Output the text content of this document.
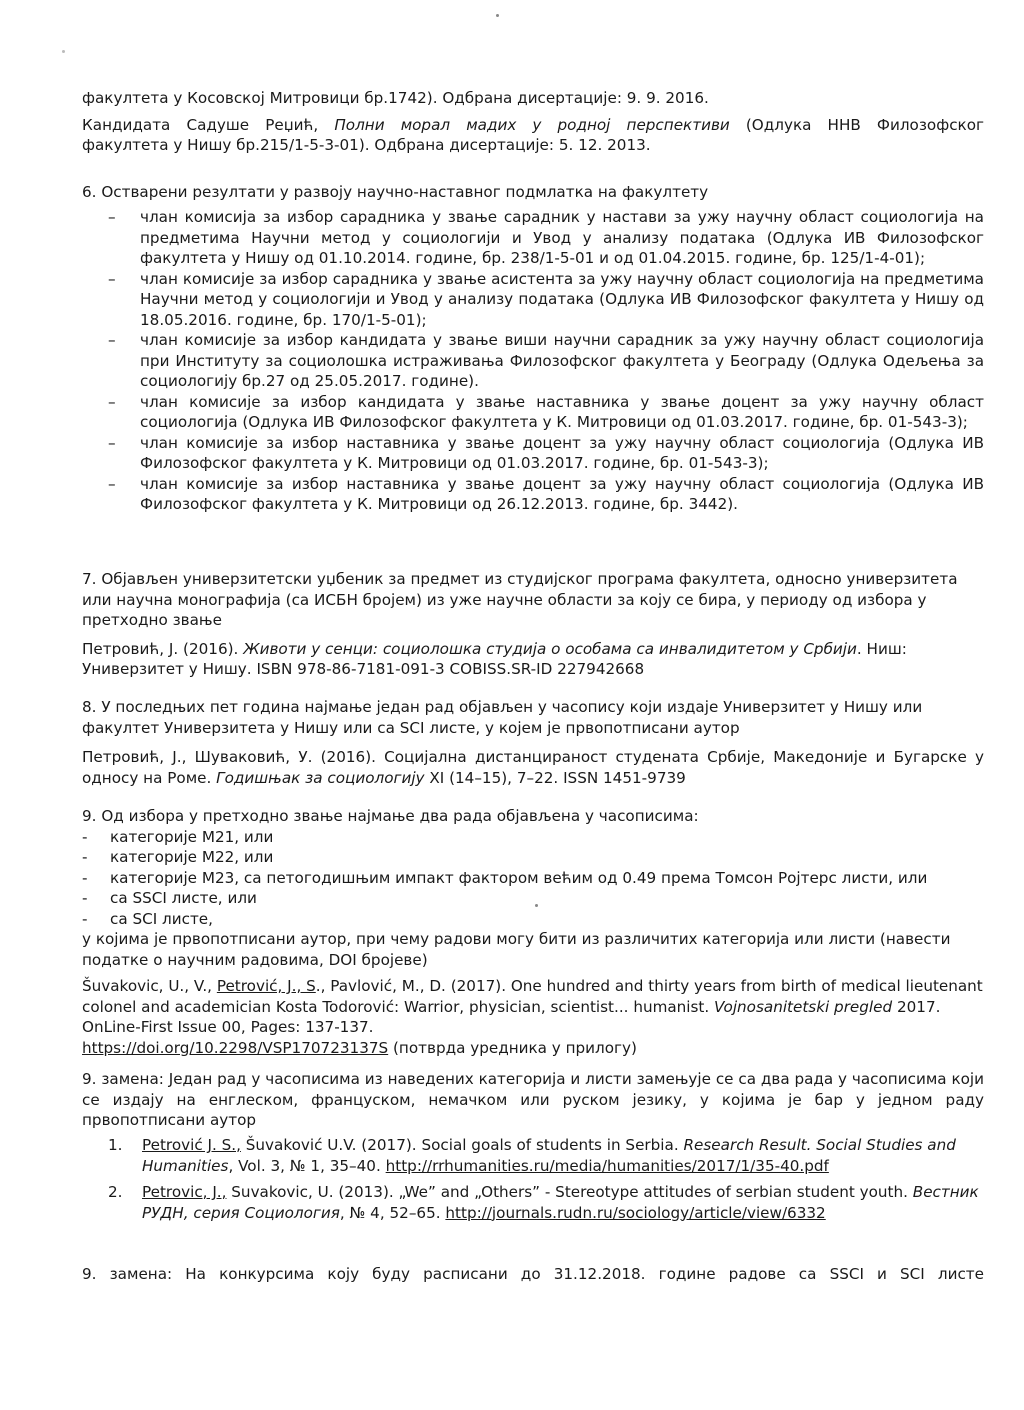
факултета у Косовској Митровици бр.1742). Одбрана дисертације: 9. 9. 2016.

Кандидата Садуше Реџић, Полни морал мадих у родној перспективи (Одлука ННВ Филозофског

факултета у Нишу бр.215/1-5-3-01). Одбрана дисертације: 5. 12. 2013.

6. Остварени резултати у развоју научно-наставног подмлатка на факултету

– члан комисија за избор сарадника у звање сарадник у настави за ужу научну област социологија на предметима Научни метод у социологији и Увод у анализу података (Одлука ИВ Филозофског факултета у Нишу од 01.10.2014. године, бр. 238/1-5-01 и од 01.04.2015. године, бр. 125/1-4-01);
– члан комисије за избор сарадника у звање асистента за ужу научну област социологија на предметима Научни метод у социологији и Увод у анализу података (Одлука ИВ Филозофског факултета у Нишу од 18.05.2016. године, бр. 170/1-5-01);
– члан комисије за избор кандидата у звање виши научни сарадник за ужу научну област социологија при Институту за социолошка истраживања Филозофског факултета у Београду (Одлука Одељења за социологију бр.27 од 25.05.2017. године).
– члан комисије за избор кандидата у звање наставника у звање доцент за ужу научну област социологија (Одлука ИВ Филозофског факултета у К. Митровици од 01.03.2017. године, бр. 01-543-3);
– члан комисије за избор наставника у звање доцент за ужу научну област социологија (Одлука ИВ Филозофског факултета у К. Митровици од 01.03.2017. године, бр. 01-543-3);
– члан комисије за избор наставника у звање доцент за ужу научну област социологија (Одлука ИВ Филозофског факултета у К. Митровици од 26.12.2013. године, бр. 3442).

7. Објављен универзитетски уџбеник за предмет из студијског програма факултета, односно универзитета или научна монографија (са ИСБН бројем) из уже научне области за коју се бира, у периоду од избора у претходно звање

Петровић, Ј. (2016). Животи у сенци: социолошка студија о особама са инвалидитетом у Србији. Ниш: Универзитет у Нишу. ISBN 978-86-7181-091-3 COBISS.SR-ID 227942668

8. У последњих пет година најмање један рад објављен у часопису који издаје Универзитет у Нишу или факултет Универзитета у Нишу или са SCI листе, у којем је првопотписани аутор

Петровић, Ј., Шуваковић, У. (2016). Социјална дистанцираност студената Србије, Македоније и Бугарске у односу на Роме. Годишњак за социологију XI (14–15), 7–22. ISSN 1451-9739

9. Од избора у претходно звање најмање два рада објављена у часописима:

- категорије М21, или
- категорије М22, или
- категорије М23, са петогодишњим импакт фактором већим од 0.49 према Томсон Ројтерс листи, или
- са SSCI листе, или
- са SCI листе,

у којима је првопотписани аутор, при чему радови могу бити из различитих категорија или листи (навести податке о научним радовима, DOI бројеве)

Šuvakovic, U., V., Petrović, J., S., Pavlović, M., D. (2017). One hundred and thirty years from birth of medical lieutenant colonel and academician Kosta Todorović: Warrior, physician, scientist... humanist. Vojnosanitetski pregled 2017. OnLine-First Issue 00, Pages: 137-137.
https://doi.org/10.2298/VSP170723137S (потврда уредника у прилогу)

9. замена: Један рад у часописима из наведених категорија и листи замењује се са два рада у часописима који се издају на енглеском, француском, немачком или руском језику, у којима је бар у једном раду првопотписани аутор

1. Petrović J. S., Šuvaković U.V. (2017). Social goals of students in Serbia. Research Result. Social Studies and Humanities, Vol. 3, № 1, 35–40. http://rrhumanities.ru/media/humanities/2017/1/35-40.pdf
2. Petrovic, J., Suvakovic, U. (2013). „We” and „Others” - Stereotype attitudes of serbian student youth. Вестник РУДН, серия Социология, № 4, 52–65. http://journals.rudn.ru/sociology/article/view/6332

9. замена: На конкурсима коју буду расписани до 31.12.2018. године радове са SSCI и SCI листе
